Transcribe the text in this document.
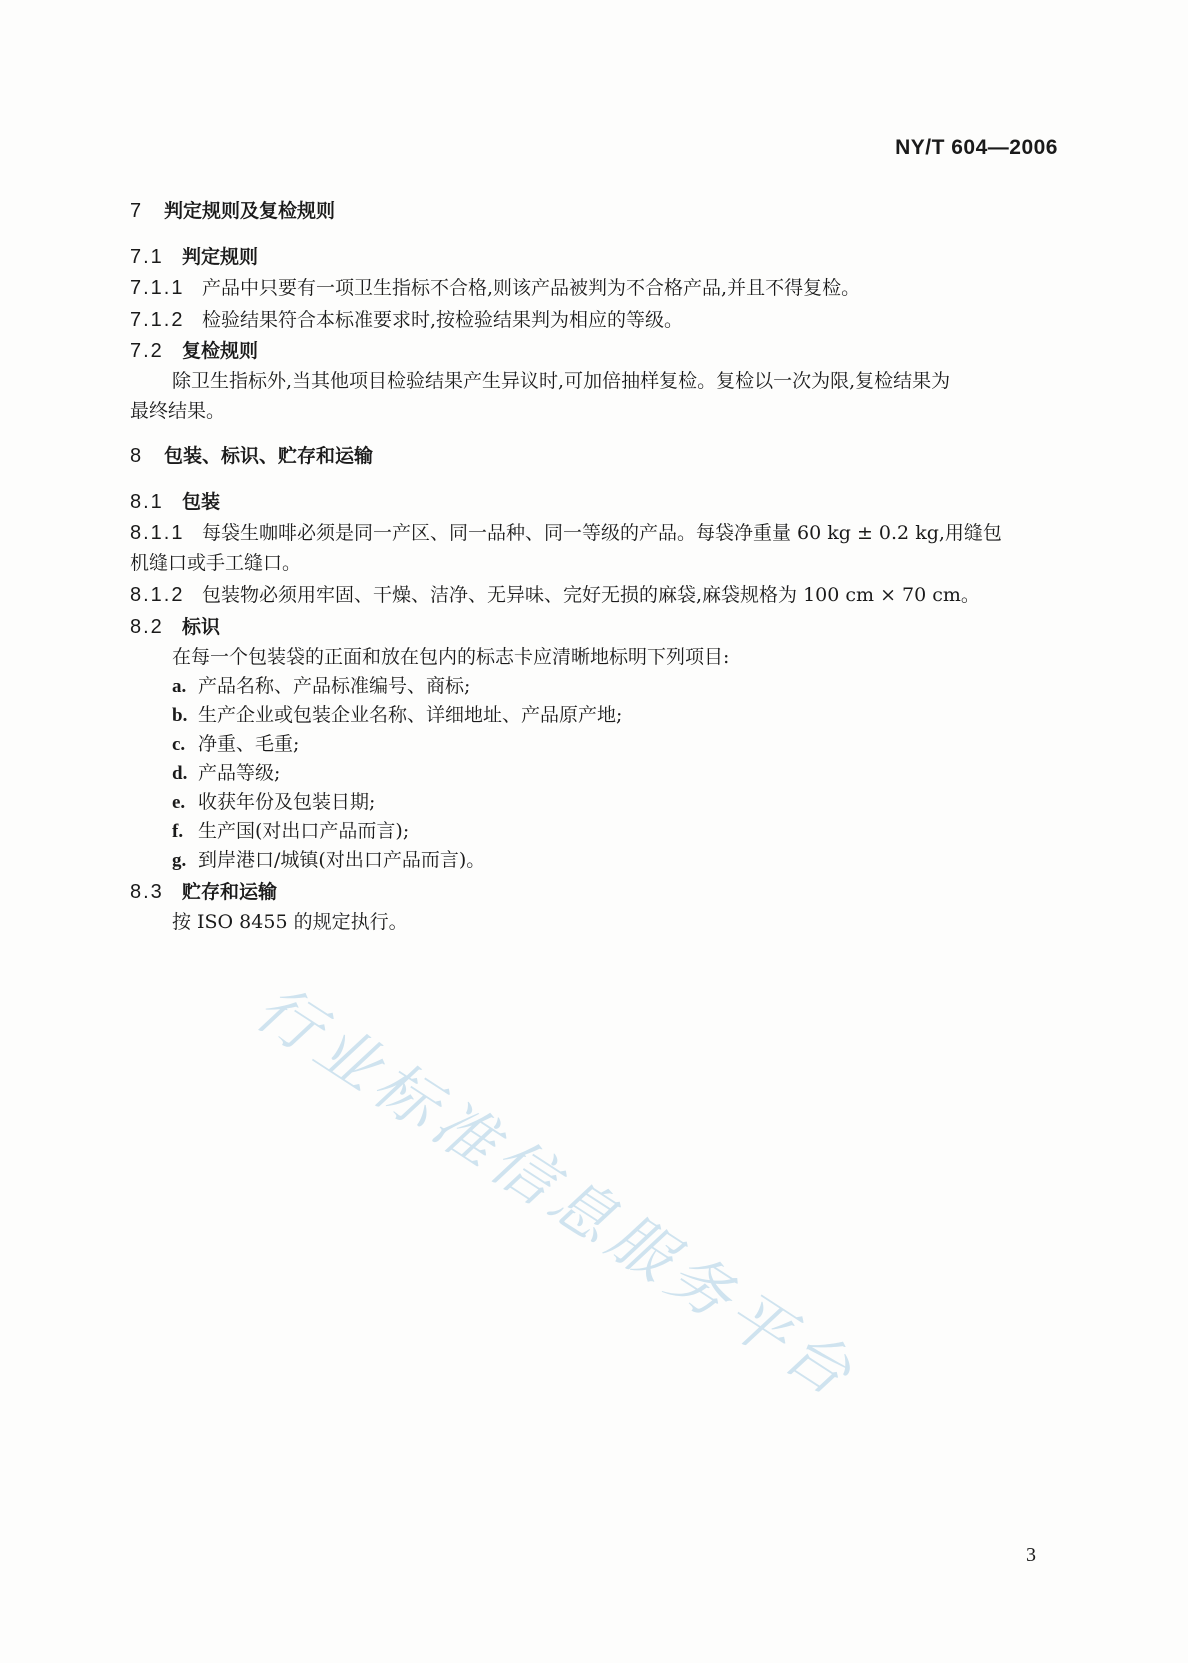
NY/T 604—2006
7 判定规则及复检规则
7.1 判定规则
7.1.1 产品中只要有一项卫生指标不合格,则该产品被判为不合格产品,并且不得复检。
7.1.2 检验结果符合本标准要求时,按检验结果判为相应的等级。
7.2 复检规则
除卫生指标外,当其他项目检验结果产生异议时,可加倍抽样复检。复检以一次为限,复检结果为
最终结果。
8 包装、标识、贮存和运输
8.1 包装
8.1.1 每袋生咖啡必须是同一产区、同一品种、同一等级的产品。每袋净重量 60 kg ± 0.2 kg,用缝包
机缝口或手工缝口。
8.1.2 包装物必须用牢固、干燥、洁净、无异味、完好无损的麻袋,麻袋规格为 100 cm × 70 cm。
8.2 标识
在每一个包装袋的正面和放在包内的标志卡应清晰地标明下列项目:
a. 产品名称、产品标准编号、商标;
b. 生产企业或包装企业名称、详细地址、产品原产地;
c. 净重、毛重;
d. 产品等级;
e. 收获年份及包装日期;
f. 生产国(对出口产品而言);
g. 到岸港口/城镇(对出口产品而言)。
8.3 贮存和运输
按 ISO 8455 的规定执行。
行业标准信息服务平台
3
